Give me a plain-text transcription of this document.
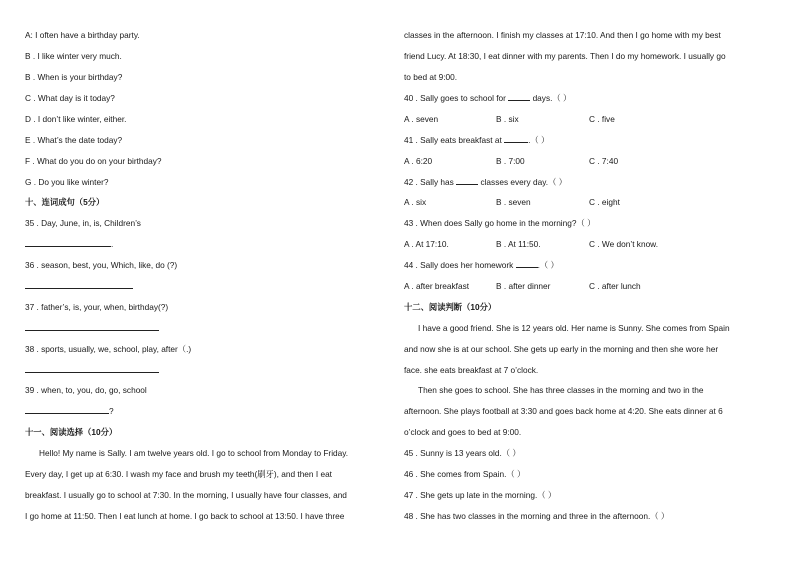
A: I often have a birthday party.
B . I like winter very much.
B . When is your birthday?
C . What day is it today?
D . I don’t like winter, either.
E . What’s the date today?
F . What do you do on your birthday?
G . Do you like winter?
十、连词成句（5分）
35 . Day, June, in, is, Children’s
.
36 . season, best, you, Which, like, do (?)
37 . father’s, is, your, when, birthday(?)
38 . sports, usually, we, school, play, after（.)
39 . when, to, you, do, go, school
?
十一、阅读选择（10分）
Hello! My name is Sally. I am twelve years old. I go to school from Monday to Friday.
Every day, I get up at 6:30. I wash my face and brush my teeth(刷牙), and then I eat
breakfast. I usually go to school at 7:30. In the morning, I usually have four classes, and
I go home at 11:50. Then I eat lunch at home. I go back to school at 13:50. I have three
classes in the afternoon. I finish my classes at 17:10. And then I go home with my best
friend Lucy. At 18:30, I eat dinner with my parents. Then I do my homework. I usually go
to bed at 9:00.
40 . Sally goes to school for	days.（ ）
A . seven	B . six	C . five
41 . Sally eats breakfast at	.（ ）
A . 6:20	B . 7:00	C . 7:40
42 . Sally has	classes every day.（ ）
A . six	B . seven	C . eight
43 . When does Sally go home in the morning?（ ）
A . At 17:10.	B . At 11:50.	C . We don’t know.
44 . Sally does her homework	.（ ）
A . after breakfast	B . after dinner	C . after lunch
十二、阅读判断（10分）
I have a good friend. She is 12 years old. Her name is Sunny. She comes from Spain
and now she is at our school. She gets up early in the morning and then she wore her
face. she eats breakfast at 7 o’clock.
Then she goes to school. She has three classes in the morning and two in the
afternoon. She plays football at 3:30 and goes back home at 4:20. She eats dinner at 6
o’clock and goes to bed at 9:00.
45 . Sunny is 13 years old.（ ）
46 . She comes from Spain.（ ）
47 . She gets up late in the morning.（ ）
48 . She has two classes in the morning and three in the afternoon.（ ）
